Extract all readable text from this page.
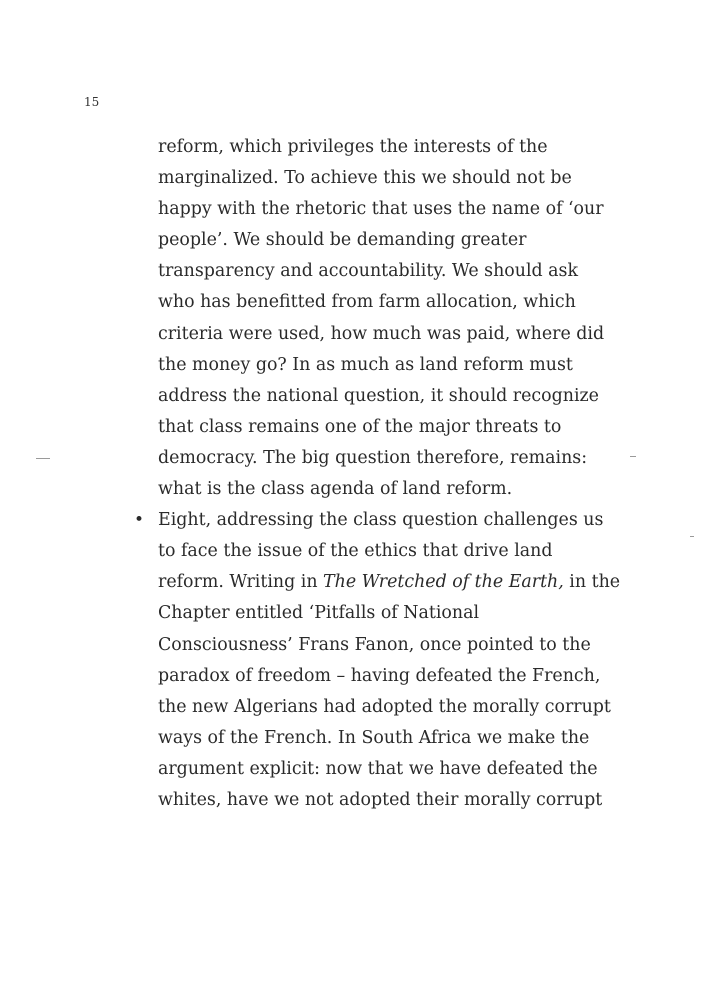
15
reform, which privileges the interests of the
marginalized. To achieve this we should not be
happy with the rhetoric that uses the name of ‘our
people’. We should be demanding greater
transparency and accountability. We should ask
who has benefitted from farm allocation, which
criteria were used, how much was paid, where did
the money go? In as much as land reform must
address the national question, it should recognize
that class remains one of the major threats to
democracy. The big question therefore, remains:
what is the class agenda of land reform.
• Eight, addressing the class question challenges us
to face the issue of the ethics that drive land
reform. Writing in The Wretched of the Earth, in the
Chapter entitled ‘Pitfalls of National
Consciousness’ Frans Fanon, once pointed to the
paradox of freedom – having defeated the French,
the new Algerians had adopted the morally corrupt
ways of the French. In South Africa we make the
argument explicit: now that we have defeated the
whites, have we not adopted their morally corrupt
